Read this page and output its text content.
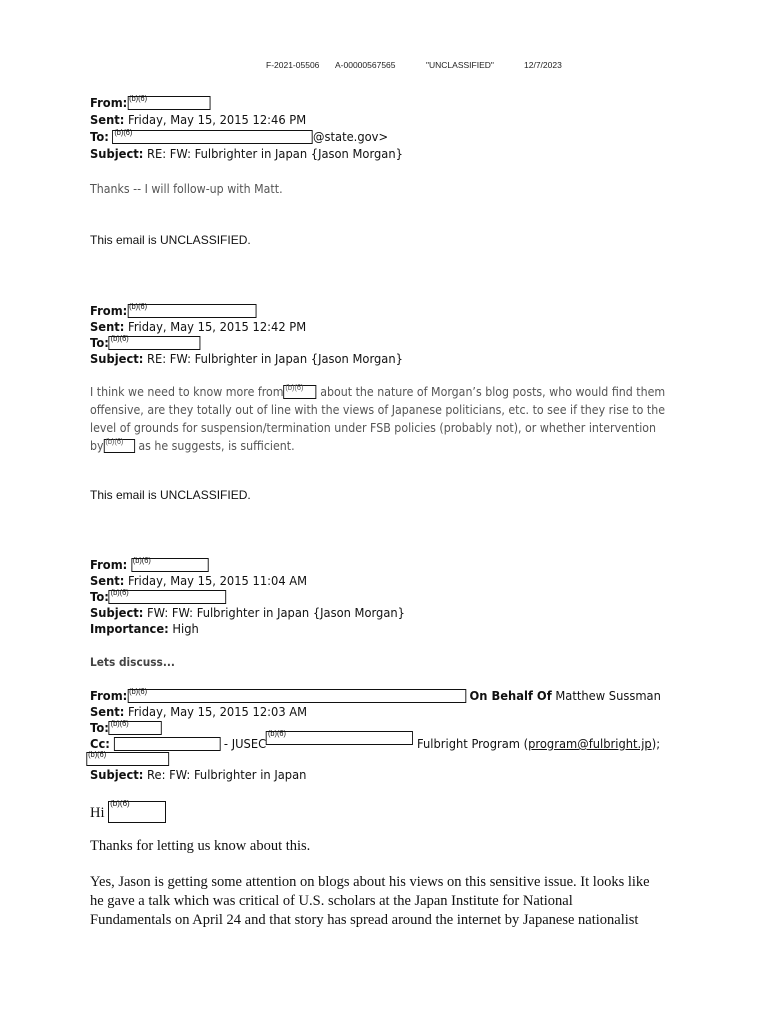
F-2021-05506 A-00000567565	"UNCLASSIFIED"	12/7/2023
From: (b)(6)
Sent: Friday, May 15, 2015 12:46 PM
To: (b)(6)	@state.gov>
Subject: RE: FW: Fulbrighter in Japan {Jason Morgan}
Thanks -- I will follow-up with Matt.
This email is UNCLASSIFIED.
From: (b)(6)
Sent: Friday, May 15, 2015 12:42 PM
To: (b)(6)
Subject: RE: FW: Fulbrighter in Japan {Jason Morgan}
I think we need to know more from (b)(6) about the nature of Morgan’s blog posts, who would find them
offensive, are they totally out of line with the views of Japanese politicians, etc. to see if they rise to the
level of grounds for suspension/termination under FSB policies (probably not), or whether intervention
by (b)(6) as he suggests, is sufficient.
This email is UNCLASSIFIED.
From: (b)(6)
Sent: Friday, May 15, 2015 11:04 AM
To: (b)(6)
Subject: FW: FW: Fulbrighter in Japan {Jason Morgan}
Importance: High
Lets discuss...
From: (b)(6)	On Behalf Of Matthew Sussman
Sent: Friday, May 15, 2015 12:03 AM
To: (b)(6)
Cc:	- JUSEC
(b)(6)
Fulbright Program (program@fulbright.jp);
(b)(6)
Subject: Re: FW: Fulbrighter in Japan
Hi
(b)(6)
Thanks for letting us know about this.
Yes, Jason is getting some attention on blogs about his views on this sensitive issue. It looks like
he gave a talk which was critical of U.S. scholars at the Japan Institute for National
Fundamentals on April 24 and that story has spread around the internet by Japanese nationalist
